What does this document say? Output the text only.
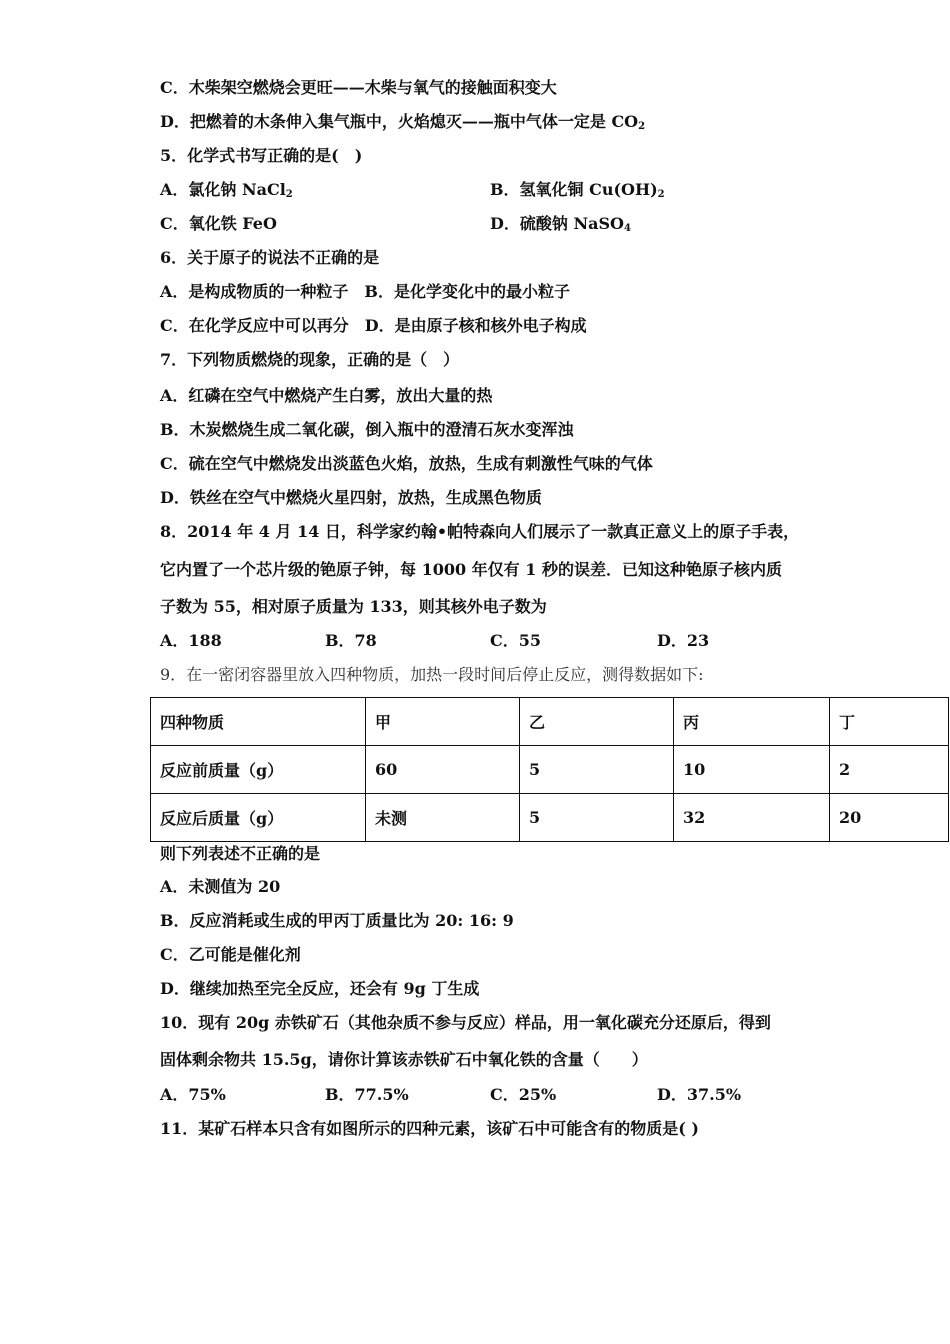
C．木柴架空燃烧会更旺——木柴与氧气的接触面积变大
D．把燃着的木条伸入集气瓶中，火焰熄灭——瓶中气体一定是 $CO_2$
5．化学式书写正确的是(　)
A．氯化钠 NaCl$_2$	B．氢氧化铜 $Cu(OH)_2$
C．氧化铁 FeO	D．硫酸钠 NaSO$_4$
6．关于原子的说法不正确的是
A．是构成物质的一种粒子　B．是化学变化中的最小粒子
C．在化学反应中可以再分　D．是由原子核和核外电子构成
7．下列物质燃烧的现象，正确的是（　）
A．红磷在空气中燃烧产生白雾，放出大量的热
B．木炭燃烧生成二氧化碳，倒入瓶中的澄清石灰水变浑浊
C．硫在空气中燃烧发出淡蓝色火焰，放热，生成有刺激性气味的气体
D．铁丝在空气中燃烧火星四射，放热，生成黑色物质
8．2014 年 4 月 14 日，科学家约翰•帕特森向人们展示了一款真正意义上的原子手表，
它内置了一个芯片级的铯原子钟，每 1000 年仅有 1 秒的误差．已知这种铯原子核内质
子数为 55，相对原子质量为 133，则其核外电子数为
A．188	B．78	C．55	D．23
9．在一密闭容器里放入四种物质，加热一段时间后停止反应，测得数据如下:
四种物质	甲	乙	丙	丁
反应前质量（g）	60	5	10	2
反应后质量（g）	未测	5	32	20
则下列表述不正确的是
A．未测值为 20
B．反应消耗或生成的甲丙丁质量比为 20: 16: 9
C．乙可能是催化剂
D．继续加热至完全反应，还会有 9g 丁生成
10．现有 20g 赤铁矿石（其他杂质不参与反应）样品，用一氧化碳充分还原后，得到
固体剩余物共 15.5g，请你计算该赤铁矿石中氧化铁的含量（　　）
A．75%	B．77.5%	C．25%	D．37.5%
11．某矿石样本只含有如图所示的四种元素，该矿石中可能含有的物质是( )
